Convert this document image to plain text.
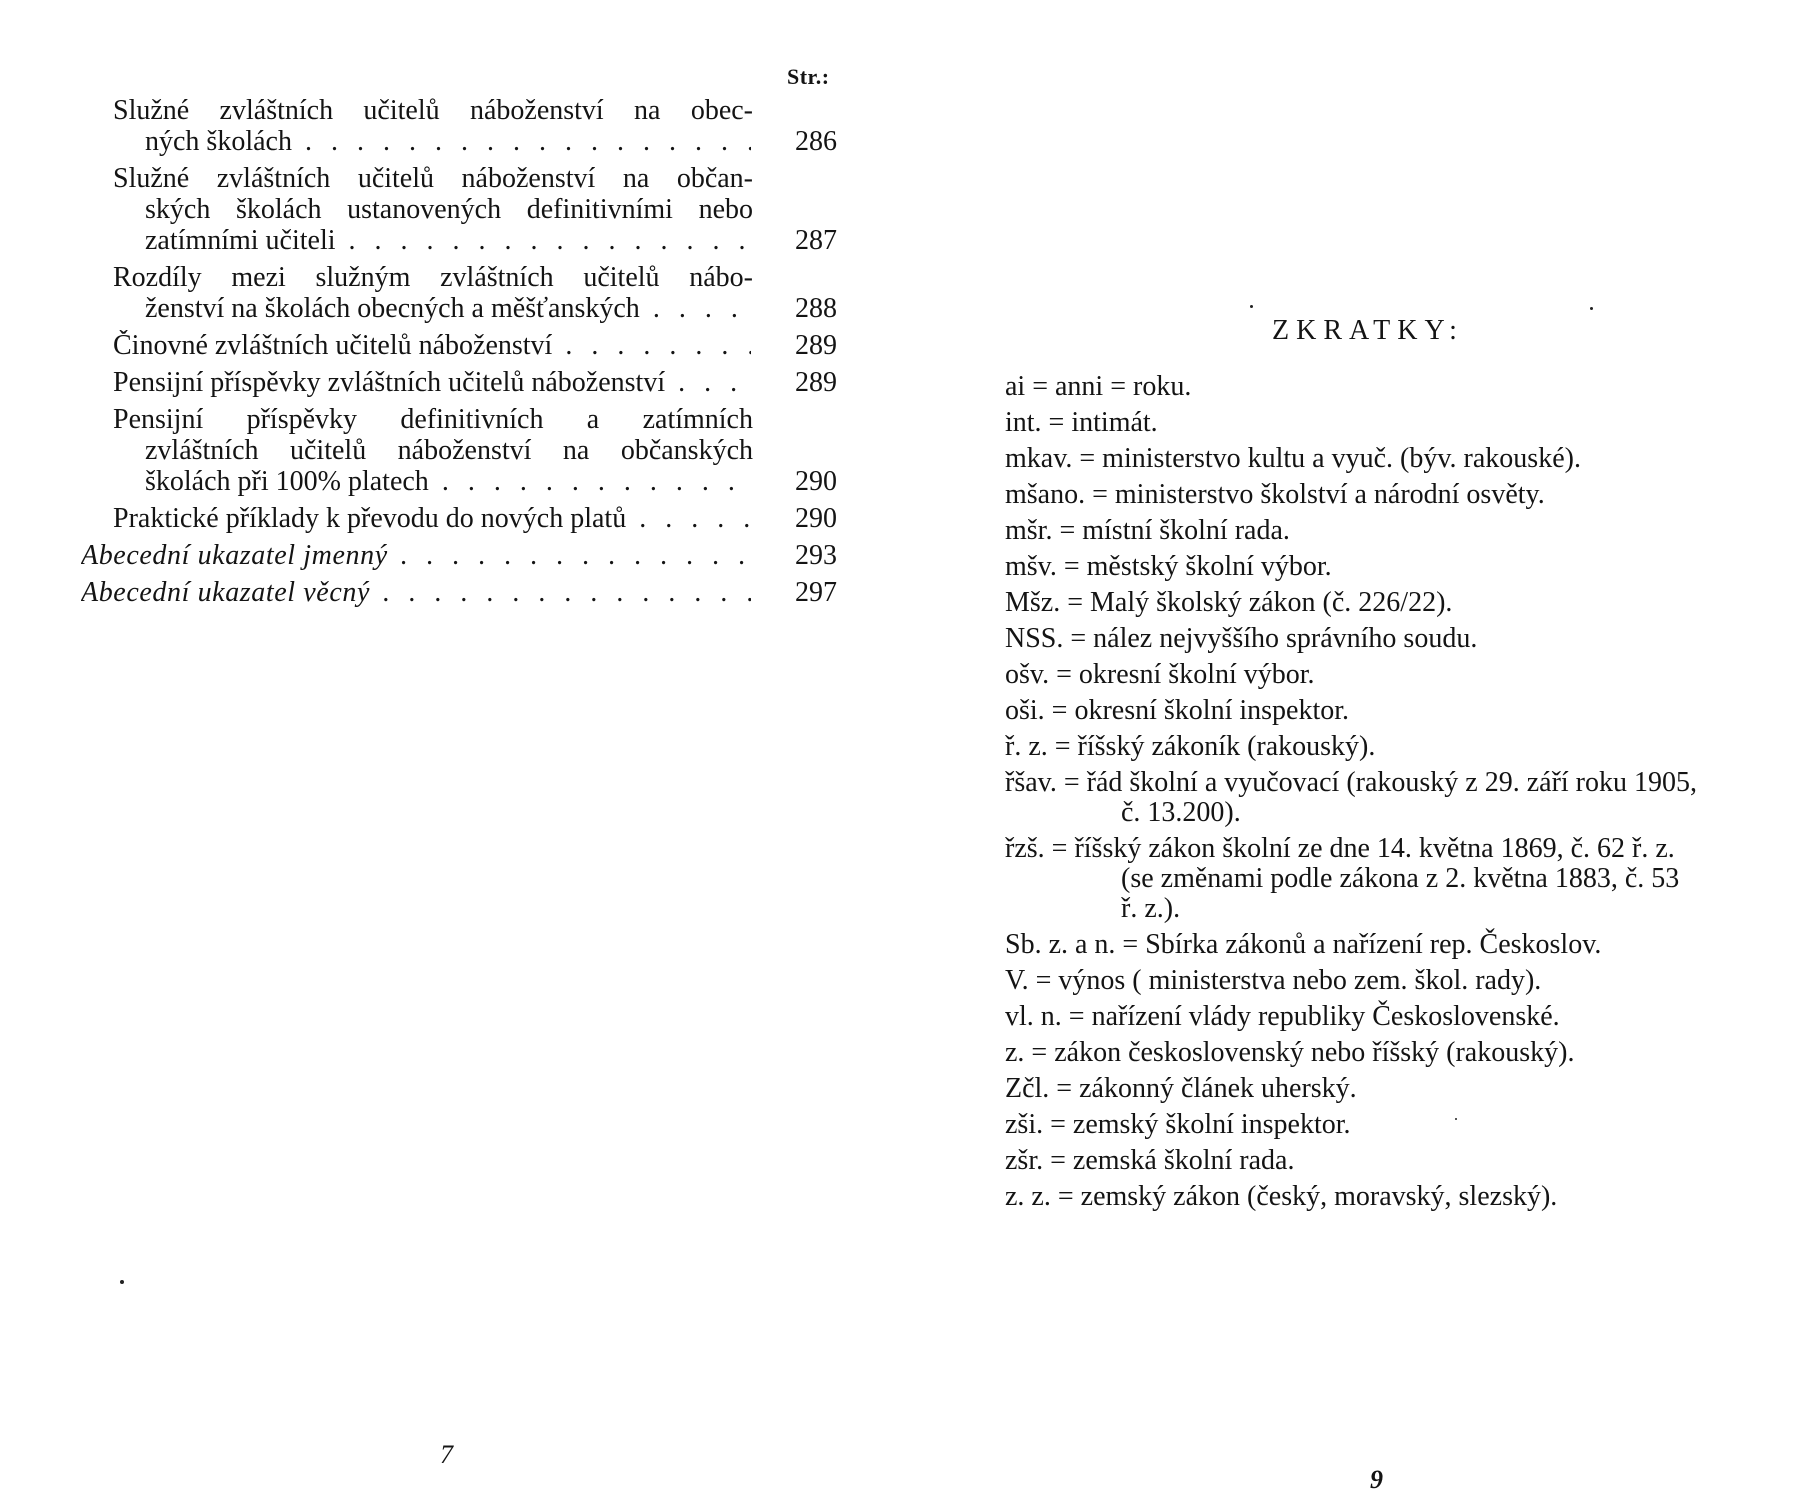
Str.:
Služné zvláštních učitelů náboženství na obec-
ných školách . . .	286
Služné zvláštních učitelů náboženství na občan-
ských školách ustanovených definitivními nebo
zatímními učiteli . . .	287
Rozdíly mezi služným zvláštních učitelů nábo-
ženství na školách obecných a měšťanských . . .	288
Činovné zvláštních učitelů náboženství . . .	289
Pensijní příspěvky zvláštních učitelů náboženství . . .	289
Pensijní příspěvky definitivních a zatímních
zvláštních učitelů náboženství na občanských
školách při 100% platech . . .	290
Praktické příklady k převodu do nových platů . . .	290
Abecední ukazatel jmenný . . .	293
Abecední ukazatel věcný . . .	297
7
ZKRATKY:
ai = anni = roku.
int. = intimát.
mkav. = ministerstvo kultu a vyuč. (býv. rakouské).
mšano. = ministerstvo školství a národní osvěty.
mšr. = místní školní rada.
mšv. = městský školní výbor.
Mšz. = Malý školský zákon (č. 226/22).
NSS. = nález nejvyššího správního soudu.
ošv. = okresní školní výbor.
oši. = okresní školní inspektor.
ř. z. = říšský zákoník (rakouský).
řšav. = řád školní a vyučovací (rakouský z 29. září roku 1905, č. 13.200).
řzš. = říšský zákon školní ze dne 14. května 1869, č. 62 ř. z. (se změnami podle zákona z 2. května 1883, č. 53 ř. z.).
Sb. z. a n. = Sbírka zákonů a nařízení rep. Českoslov.
V. = výnos ( ministerstva nebo zem. škol. rady).
vl. n. = nařízení vlády republiky Československé.
z. = zákon československý nebo říšský (rakouský).
Zčl. = zákonný článek uherský.
zši. = zemský školní inspektor.
zšr. = zemská školní rada.
z. z. = zemský zákon (český, moravský, slezský).
9
